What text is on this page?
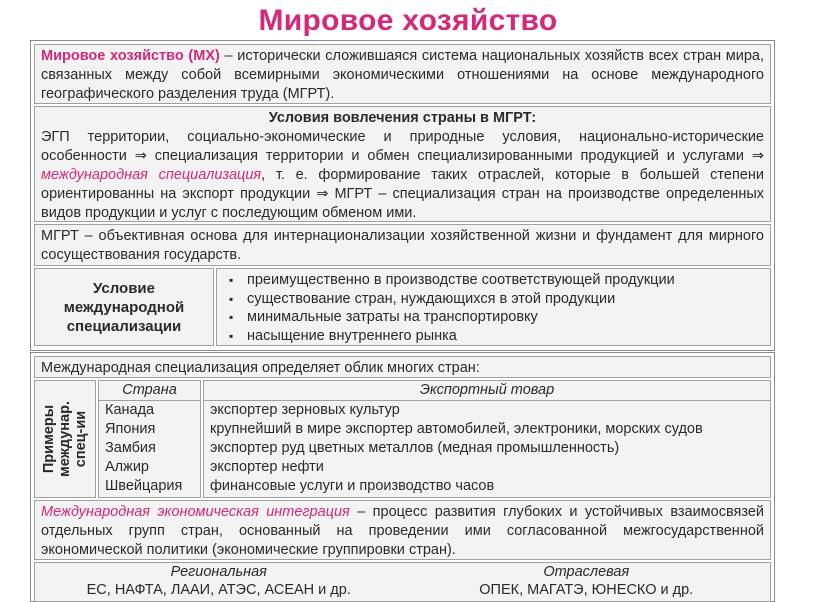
Мировое хозяйство
Мировое хозяйство (МХ) – исторически сложившаяся система национальных хозяйств всех стран мира, связанных между собой всемирными экономическими отношениями на основе международного географического разделения труда (МГРТ).
Условия вовлечения страны в МГРТ:
ЭГП территории, социально-экономические и природные условия, национально-исторические особенности ⇒ специализация территории и обмен специализированными продукцией и услугами ⇒ международная специализация, т. е. формирование таких отраслей, которые в большей степени ориентированны на экспорт продукции ⇒ МГРТ – специализация стран на производстве определенных видов продукции и услуг с последующим обменом ими.
МГРТ – объективная основа для интернационализации хозяйственной жизни и фундамент для мирного сосуществования государств.
Условие
международной
специализации
▪ преимущественно в производстве соответствующей продукции
▪ существование стран, нуждающихся в этой продукции
▪ минимальные затраты на транспортировку
▪ насыщение внутреннего рынка
Международная специализация определяет облик многих стран:
Примеры междунар. спец-ии
Страна
Канада
Япония
Замбия
Алжир
Швейцария
Экспортный товар
экспортер зерновых культур
крупнейший в мире экспортер автомобилей, электроники, морских судов
экспортер руд цветных металлов (медная промышленность)
экспортер нефти
финансовые услуги и производство часов
Международная экономическая интеграция – процесс развития глубоких и устойчивых взаимосвязей отдельных групп стран, основанный на проведении ими согласованной межгосударственной экономической политики (экономические группировки стран).
Региональная
ЕС, НАФТА, ЛААИ, АТЭС, АСЕАН и др.
Отраслевая
ОПЕК, МАГАТЭ, ЮНЕСКО и др.
